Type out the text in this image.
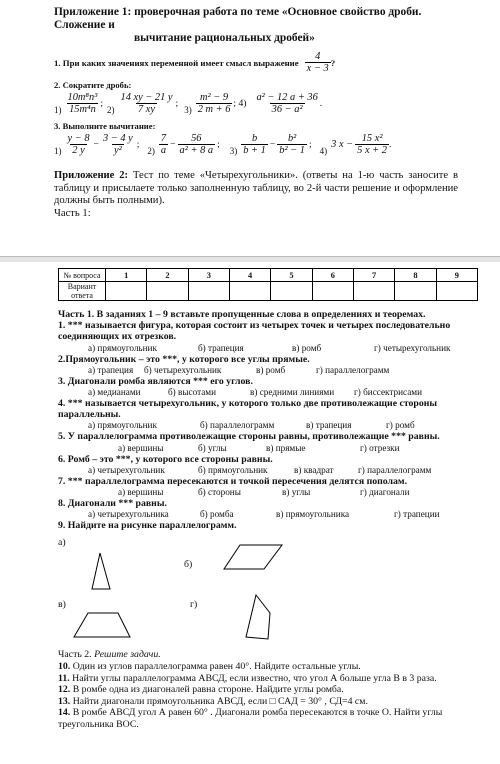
Приложение 1: проверочная работа по теме «Основное свойство дроби. Сложение и
вычитание рациональных дробей»
1. При каких значениях переменной имеет смысл выражение $\frac{4}{x - 3}$ ?
2. Сократите дробь:
$1) \frac{\text{10m⁸n³}}{\text{15m⁴n}}$ ;
$2) \frac{14 xy - 21 y}{7 xy}$ ;
$3) \frac{\text{m² − 9}}{2 m + 6}$ ; $4) \frac{\text{a² − 12 a + 36}}{\text{36 − a²}}$ .
3. Выполните вычитание:
$1) \frac{y - 8}{2 y} - \frac{3 - 4 y}{\text{y²}}$ ;
$2) \frac{7}{a} - \frac{56}{\text{a² + 8 a}}$ ;
$3) \frac{b}{b + 1} - \frac{\text{b²}}{\text{b² − 1}}$ ;
4)
3 $x - \frac{\text{15 x²}}{5 x + 2}$ .
Приложение 2: Тест по теме «Четырехугольники». (ответы на 1-ю часть заносите в таблицу и присылаете только заполненную таблицу, во 2-й части решение и оформление должны быть полными).
Часть 1:
№ вопроса	1	2	3	4	5	6	7	8	9
Вариант ответа									
Часть 1. В заданиях 1 – 9 вставьте пропущенные слова в определениях и теоремах.
1. *** называется фигура, которая состоит из четырех точек и четырех последовательно соединяющих их отрезков.
а) прямоугольник	б) трапеция	в) ромб	г) четырехугольник
2.Прямоугольник – это ***, у которого все углы прямые.
а) трапеция	б) четырехугольник	в) ромб	г) параллелограмм
3. Диагонали ромба являются *** его углов.
а) медианами	б) высотами	в) средними линиями	г) биссектрисами
4. *** называется четырехугольник, у которого только две противолежащие стороны параллельны.
а) прямоугольник	б) параллелограмм	в) трапеция	г) ромб
5. У параллелограмма противолежащие стороны равны, противолежащие *** равны.
а) вершины	б) углы	в) прямые	г) отрезки
6. Ромб – это ***, у которого все стороны равны.
а) четырехугольник	б) прямоугольник	в) квадрат	г) параллелограмм
7. *** параллелограмма пересекаются и точкой пересечения делятся пополам.
а) вершины	б) стороны	в) углы	г) диагонали
8. Диагонали *** равны.
а) четырехугольника	б) ромба	в) прямоугольника	г) трапеции
9. Найдите на рисунке параллелограмм.
а)
б)
в)	г)
Часть 2. Решите задачи.
10. Один из углов параллелограмма равен 40°. Найдите остальные углы.
11. Найти углы параллелограмма АВСД, если известно, что угол А больше угла В в 3 раза.
12. В ромбе одна из диагоналей равна стороне. Найдите углы ромба.
13. Найти диагонали прямоугольника АВСД, если □ САД = 30° , СД=4 см.
14. В ромбе АВСД угол А равен 60° . Диагонали ромба пересекаются в точке О. Найти углы треугольника ВОС.
